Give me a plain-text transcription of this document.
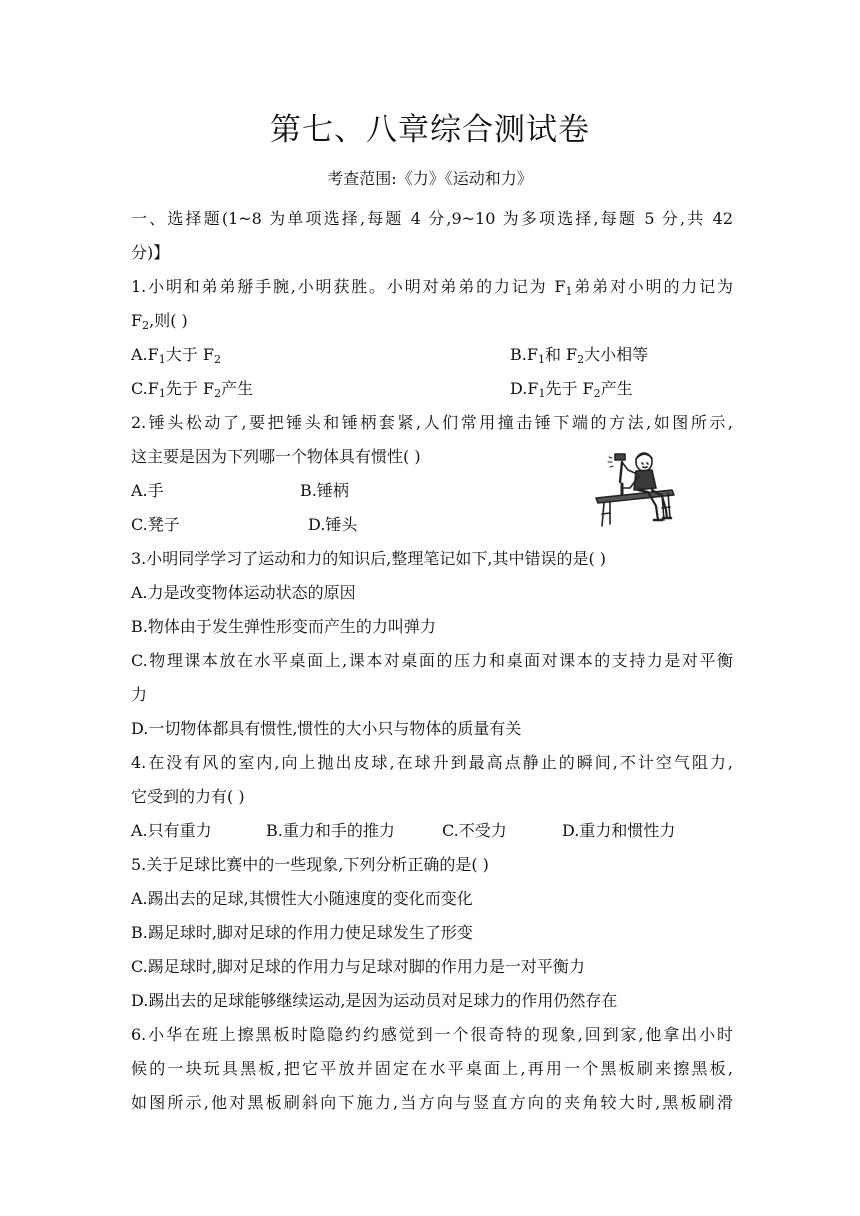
第七、八章综合测试卷
考查范围:《力》《运动和力》
一、选择题(1~8 为单项选择,每题 4 分,9~10 为多项选择,每题 5 分,共 42
分)】
1.小明和弟弟掰手腕,小明获胜。小明对弟弟的力记为 $F_1$弟弟对小明的力记为
$F_2$,则( )
$A.F_1$大于 $F_2$	$B.F_1$和 $F_2$大小相等
$C.F_1$先于 $F_2$产生	$D.F_1$先于 $F_2$产生
2.锤头松动了,要把锤头和锤柄套紧,人们常用撞击锤下端的方法,如图所示,
这主要是因为下列哪一个物体具有惯性( )
A.手	B.锤柄
C.凳子	D.锤头
3.小明同学学习了运动和力的知识后,整理笔记如下,其中错误的是( )
A.力是改变物体运动状态的原因
B.物体由于发生弹性形变而产生的力叫弹力
C.物理课本放在水平桌面上,课本对桌面的压力和桌面对课本的支持力是对平衡
力
D.一切物体都具有惯性,惯性的大小只与物体的质量有关
4.在没有风的室内,向上抛出皮球,在球升到最高点静止的瞬间,不计空气阻力,
它受到的力有( )
A.只有重力	B.重力和手的推力	C.不受力	D.重力和惯性力
5.关于足球比赛中的一些现象,下列分析正确的是( )
A.踢出去的足球,其惯性大小随速度的变化而变化
B.踢足球时,脚对足球的作用力使足球发生了形变
C.踢足球时,脚对足球的作用力与足球对脚的作用力是一对平衡力
D.踢出去的足球能够继续运动,是因为运动员对足球力的作用仍然存在
6.小华在班上擦黑板时隐隐约约感觉到一个很奇特的现象,回到家,他拿出小时
候的一块玩具黑板,把它平放并固定在水平桌面上,再用一个黑板刷来擦黑板,
如图所示,他对黑板刷斜向下施力,当方向与竖直方向的夹角较大时,黑板刷滑
